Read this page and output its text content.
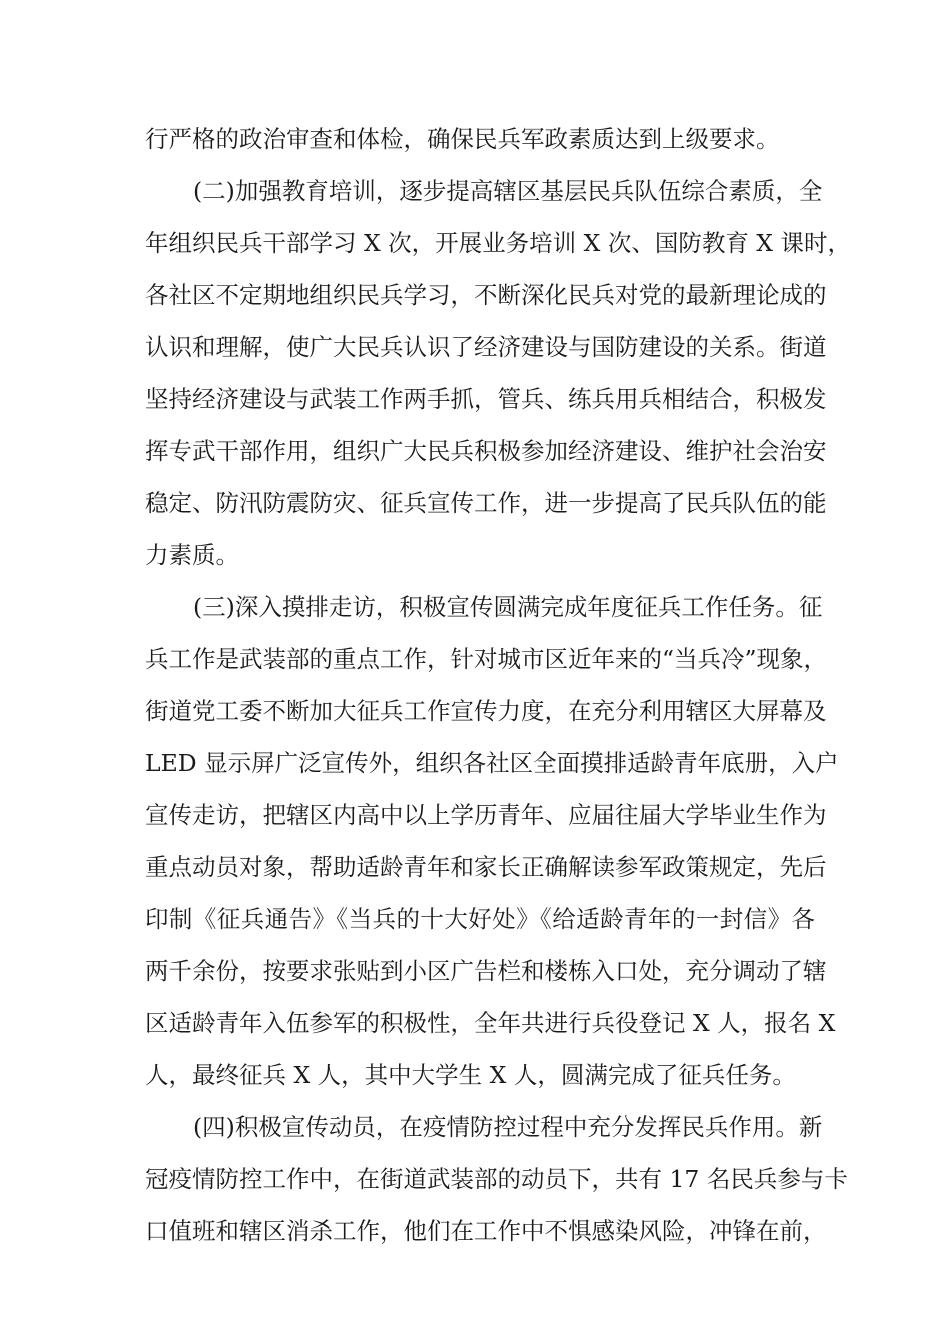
行严格的政治审查和体检，确保民兵军政素质达到上级要求。
(二)加强教育培训，逐步提高辖区基层民兵队伍综合素质，全
年组织民兵干部学习 X 次，开展业务培训 X 次、国防教育 X 课时，
各社区不定期地组织民兵学习，不断深化民兵对党的最新理论成的
认识和理解，使广大民兵认识了经济建设与国防建设的关系。街道
坚持经济建设与武装工作两手抓，管兵、练兵用兵相结合，积极发
挥专武干部作用，组织广大民兵积极参加经济建设、维护社会治安
稳定、防汛防震防灾、征兵宣传工作，进一步提高了民兵队伍的能
力素质。
(三)深入摸排走访，积极宣传圆满完成年度征兵工作任务。征
兵工作是武装部的重点工作，针对城市区近年来的“当兵冷”现象，
街道党工委不断加大征兵工作宣传力度，在充分利用辖区大屏幕及
LED 显示屏广泛宣传外，组织各社区全面摸排适龄青年底册，入户
宣传走访，把辖区内高中以上学历青年、应届往届大学毕业生作为
重点动员对象，帮助适龄青年和家长正确解读参军政策规定，先后
印制《征兵通告》《当兵的十大好处》《给适龄青年的一封信》各
两千余份，按要求张贴到小区广告栏和楼栋入口处，充分调动了辖
区适龄青年入伍参军的积极性，全年共进行兵役登记 X 人，报名 X
人，最终征兵 X 人，其中大学生 X 人，圆满完成了征兵任务。
(四)积极宣传动员，在疫情防控过程中充分发挥民兵作用。新
冠疫情防控工作中，在街道武装部的动员下，共有 17 名民兵参与卡
口值班和辖区消杀工作，他们在工作中不惧感染风险，冲锋在前，
